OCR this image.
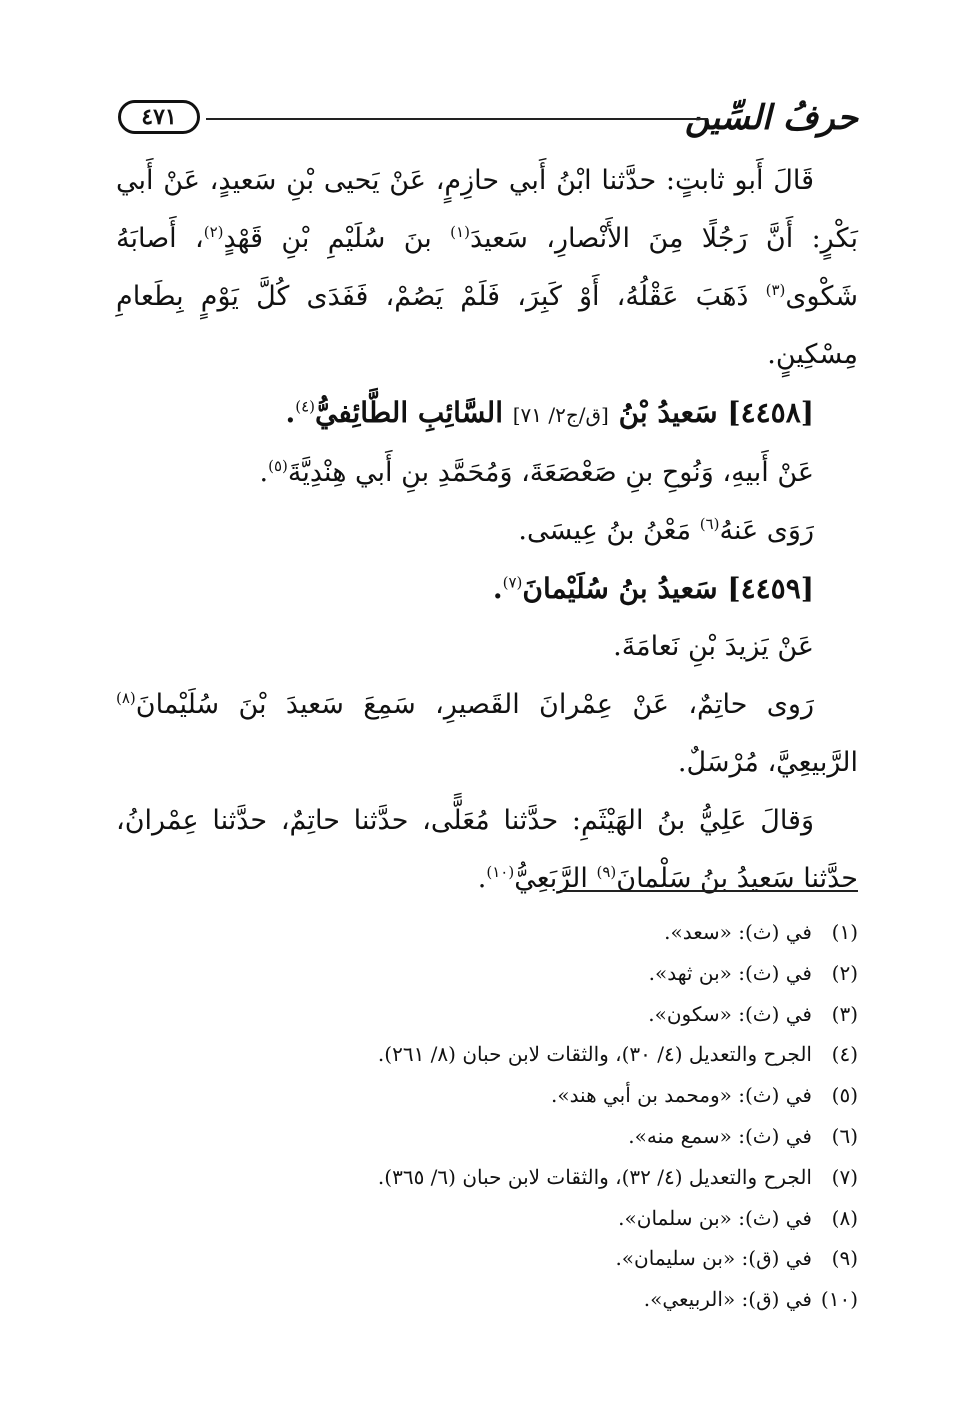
حرفُ السِّين
٤٧١

قَالَ أَبو ثابتٍ: حدَّثنا ابْنُ أَبي حازِمٍ، عَنْ يَحيى بْنِ سَعيدٍ، عَنْ أَبي بَكْرٍ: أَنَّ رَجُلًا مِنَ الأَنْصارِ، سَعيدَ$^{(١)}$ بنَ سُلَيْمِ بْنِ قَهْدٍ$^{(٢)}$، أَصابَهُ شَكْوى$^{(٣)}$ ذَهَبَ عَقْلُهُ، أَوْ كَبِرَ، فَلَمْ يَصُمْ، فَفَدَى كُلَّ يَوْمٍ بِطَعامِ مِسْكِينٍ.

[٤٤٥٨] سَعيدُ بْنُ [ق/ج٢/ ٧١] السَّائِبِ الطَّائِفيُّ$^{(٤)}$.

عَنْ أَبيهِ، وَنُوحِ بنِ صَعْصَعَةَ، وَمُحَمَّدِ بنِ أَبي هِنْدِيَّةَ$^{(٥)}$.

رَوَى عَنهُ$^{(٦)}$ مَعْنُ بنُ عِيسَى.

[٤٤٥٩] سَعيدُ بنُ سُلَيْمانَ$^{(٧)}$.

عَنْ يَزيدَ بْنِ نَعامَةَ.

رَوى حاتِمٌ، عَنْ عِمْرانَ القَصيرِ، سَمِعَ سَعيدَ بْنَ سُلَيْمانَ$^{(٨)}$ الرَّبيعِيَّ، مُرْسَلٌ.

وَقالَ عَلِيُّ بنُ الهَيْثَمِ: حدَّثنا مُعَلًّى، حدَّثنا حاتِمٌ، حدَّثنا عِمْرانُ، حدَّثنا سَعيدُ بنُ سَلْمانَ$^{(٩)}$ الرَّبَعِيُّ$^{(١٠)}$.

(١)
في (ث): «سعد».
(٢)
في (ث): «بن ثهد».
(٣)
في (ث): «سكون».
(٤)
الجرح والتعديل (٤/ ٣٠)، والثقات لابن حبان (٨/ ٢٦١).
(٥)
في (ث): «ومحمد بن أبي هند».
(٦)
في (ث): «سمع منه».
(٧)
الجرح والتعديل (٤/ ٣٢)، والثقات لابن حبان (٦/ ٣٦٥).
(٨)
في (ث): «بن سلمان».
(٩)
في (ق): «بن سليمان».
(١٠)
في (ق): «الربيعي».
